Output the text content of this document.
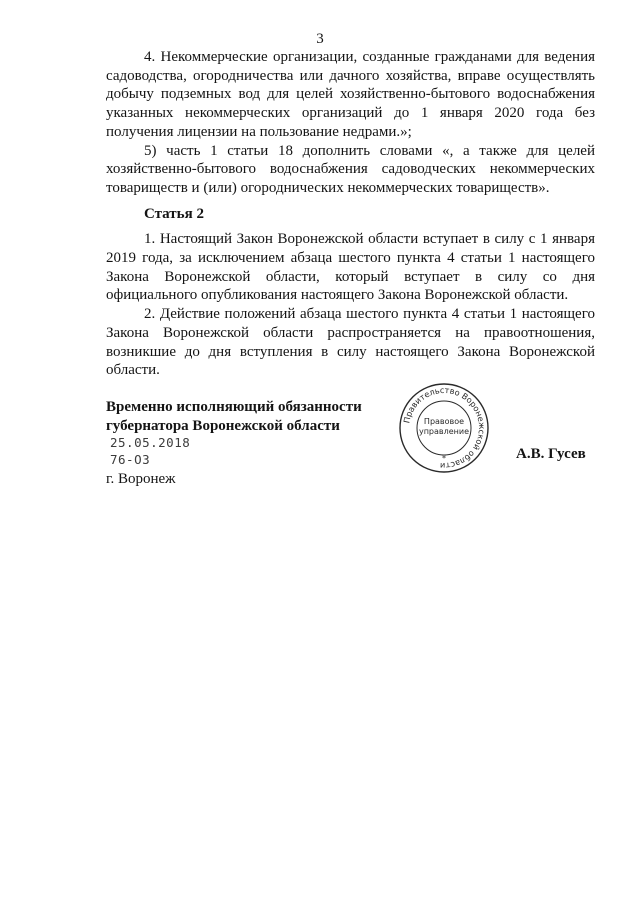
3

4. Некоммерческие организации, созданные гражданами для ведения садоводства, огородничества или дачного хозяйства, вправе осуществлять добычу подземных вод для целей хозяйственно-бытового водоснабжения указанных некоммерческих организаций до 1 января 2020 года без получения лицензии на пользование недрами.»;

5) часть 1 статьи 18 дополнить словами «, а также для целей хозяйственно-бытового водоснабжения садоводческих некоммерческих товариществ и (или) огороднических некоммерческих товариществ».

Статья 2

1. Настоящий Закон Воронежской области вступает в силу с 1 января 2019 года, за исключением абзаца шестого пункта 4 статьи 1 настоящего Закона Воронежской области, который вступает в силу со дня официального опубликования настоящего Закона Воронежской области.

2. Действие положений абзаца шестого пункта 4 статьи 1 настоящего Закона Воронежской области распространяется на правоотношения, возникшие до дня вступления в силу настоящего Закона Воронежской области.

Временно исполняющий обязанности
губернатора Воронежской области
25.05.2018
76-ОЗ
г. Воронеж
А.В. Гусев
Правительство Воронежской области
Правовое
управление
*
